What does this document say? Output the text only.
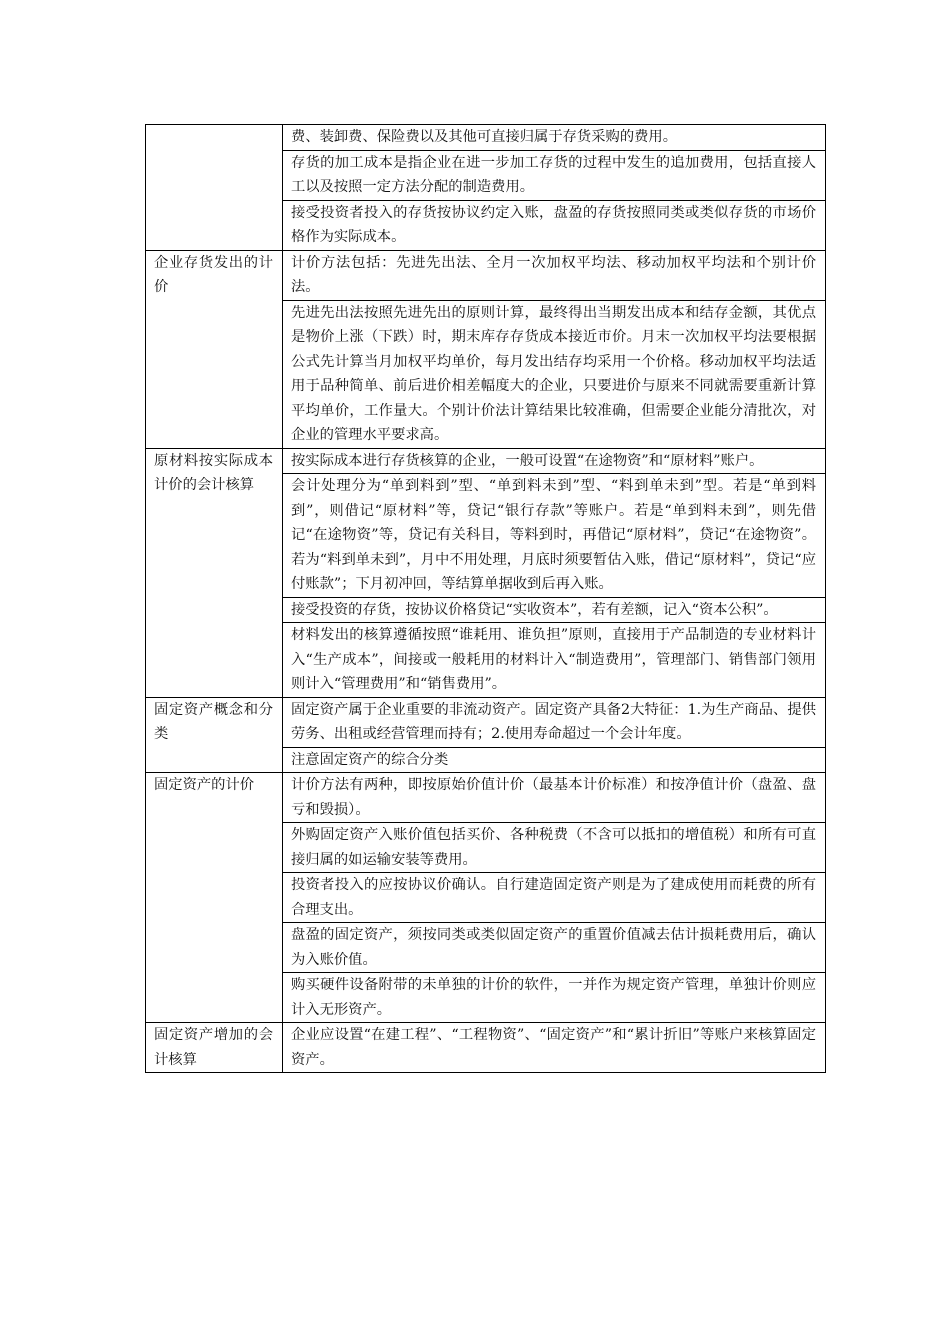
	费、装卸费、保险费以及其他可直接归属于存货采购的费用。
	存货的加工成本是指企业在进一步加工存货的过程中发生的追加费用，包括直接人工以及按照一定方法分配的制造费用。
	接受投资者投入的存货按协议约定入账，盘盈的存货按照同类或类似存货的市场价格作为实际成本。
企业存货发出的计价	计价方法包括：先进先出法、全月一次加权平均法、移动加权平均法和个别计价法。
	先进先出法按照先进先出的原则计算，最终得出当期发出成本和结存金额，其优点是物价上涨（下跌）时，期末库存存货成本接近市价。月末一次加权平均法要根据公式先计算当月加权平均单价，每月发出结存均采用一个价格。移动加权平均法适用于品种简单、前后进价相差幅度大的企业，只要进价与原来不同就需要重新计算平均单价，工作量大。个别计价法计算结果比较准确，但需要企业能分清批次，对企业的管理水平要求高。
原材料按实际成本计价的会计核算	按实际成本进行存货核算的企业，一般可设置“在途物资”和“原材料”账户。
	会计处理分为“单到料到”型、“单到料未到”型、“料到单未到”型。若是“单到料到”，则借记“原材料”等，贷记“银行存款”等账户。若是“单到料未到”，则先借记“在途物资”等，贷记有关科目，等料到时，再借记“原材料”，贷记“在途物资”。若为“料到单未到”，月中不用处理，月底时须要暂估入账，借记“原材料”，贷记“应付账款”；下月初冲回，等结算单据收到后再入账。
	接受投资的存货，按协议价格贷记“实收资本”，若有差额，记入“资本公积”。
	材料发出的核算遵循按照“谁耗用、谁负担”原则，直接用于产品制造的专业材料计入“生产成本”，间接或一般耗用的材料计入“制造费用”，管理部门、销售部门领用则计入“管理费用”和“销售费用”。
固定资产概念和分类	固定资产属于企业重要的非流动资产。固定资产具备2大特征：1.为生产商品、提供劳务、出租或经营管理而持有；2.使用寿命超过一个会计年度。
	注意固定资产的综合分类
固定资产的计价	计价方法有两种，即按原始价值计价（最基本计价标准）和按净值计价（盘盈、盘亏和毁损）。
	外购固定资产入账价值包括买价、各种税费（不含可以抵扣的增值税）和所有可直接归属的如运输安装等费用。
	投资者投入的应按协议价确认。自行建造固定资产则是为了建成使用而耗费的所有合理支出。
	盘盈的固定资产，须按同类或类似固定资产的重置价值减去估计损耗费用后，确认为入账价值。
	购买硬件设备附带的未单独的计价的软件，一并作为规定资产管理，单独计价则应计入无形资产。
固定资产增加的会计核算	企业应设置“在建工程”、“工程物资”、“固定资产”和“累计折旧”等账户来核算固定资产。
